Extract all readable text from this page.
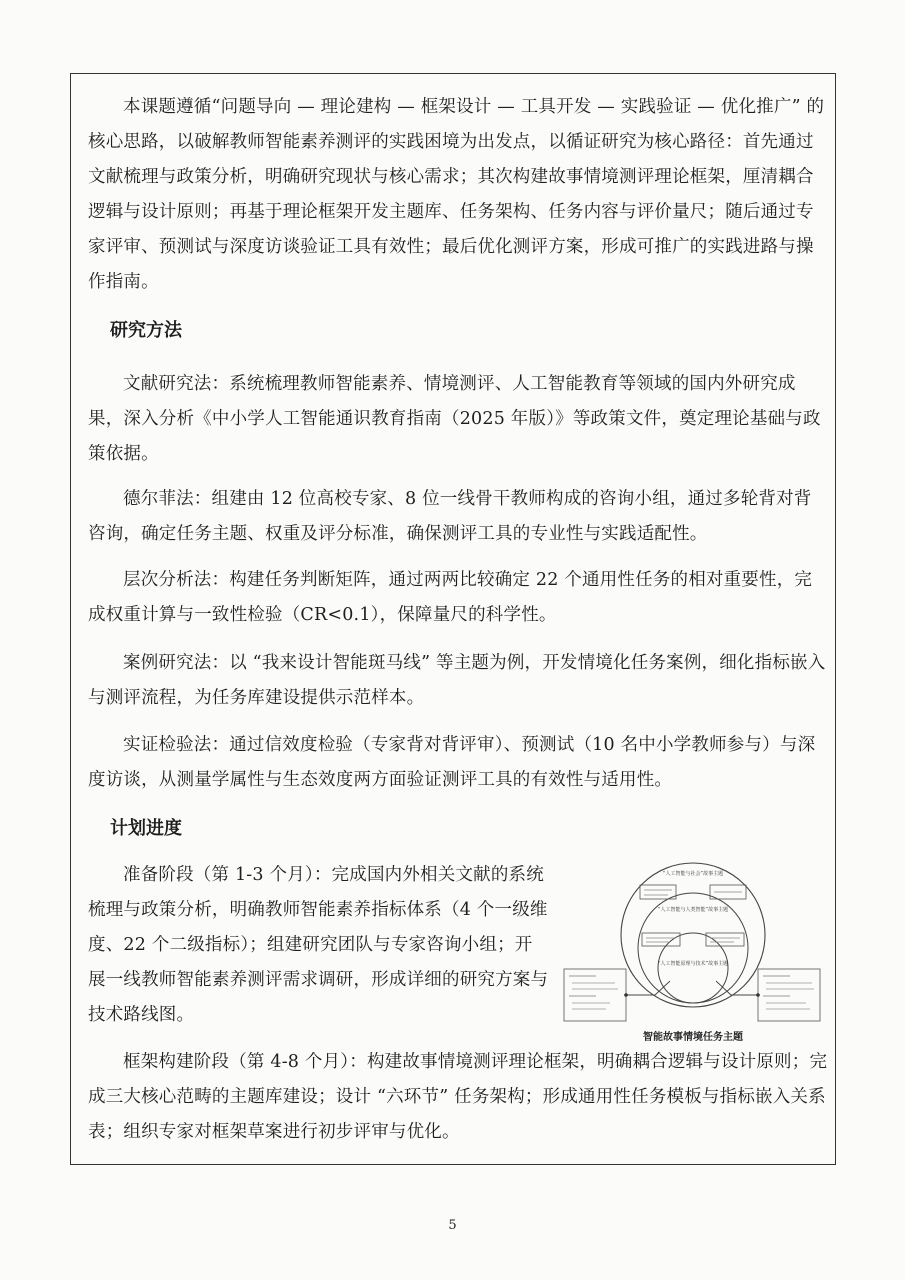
本课题遵循“问题导向 — 理论建构 — 框架设计 — 工具开发 — 实践验证 — 优化推广” 的核心思路，以破解教师智能素养测评的实践困境为出发点，以循证研究为核心路径：首先通过文献梳理与政策分析，明确研究现状与核心需求；其次构建故事情境测评理论框架，厘清耦合逻辑与设计原则；再基于理论框架开发主题库、任务架构、任务内容与评价量尺；随后通过专家评审、预测试与深度访谈验证工具有效性；最后优化测评方案，形成可推广的实践进路与操作指南。

研究方法

文献研究法：系统梳理教师智能素养、情境测评、人工智能教育等领域的国内外研究成果，深入分析《中小学人工智能通识教育指南（2025 年版）》等政策文件，奠定理论基础与政策依据。

德尔菲法：组建由 12 位高校专家、8 位一线骨干教师构成的咨询小组，通过多轮背对背咨询，确定任务主题、权重及评分标准，确保测评工具的专业性与实践适配性。

层次分析法：构建任务判断矩阵，通过两两比较确定 22 个通用性任务的相对重要性，完成权重计算与一致性检验（CR<0.1），保障量尺的科学性。

案例研究法：以 “我来设计智能斑马线” 等主题为例，开发情境化任务案例，细化指标嵌入与测评流程，为任务库建设提供示范样本。

实证检验法：通过信效度检验（专家背对背评审）、预测试（10 名中小学教师参与）与深度访谈，从测量学属性与生态效度两方面验证测评工具的有效性与适用性。

计划进度

准备阶段（第 1-3 个月）：完成国内外相关文献的系统梳理与政策分析，明确教师智能素养指标体系（4 个一级维度、22 个二级指标）；组建研究团队与专家咨询小组；开展一线教师智能素养测评需求调研，形成详细的研究方案与技术路线图。

“人工智能与社会”故事主题
“人工智能与人类智能”故事主题
“人工智能原理与技术”故事主题
智能故事情境任务主题

框架构建阶段（第 4-8 个月）：构建故事情境测评理论框架，明确耦合逻辑与设计原则；完成三大核心范畴的主题库建设；设计 “六环节” 任务架构；形成通用性任务模板与指标嵌入关系表；组织专家对框架草案进行初步评审与优化。

5
